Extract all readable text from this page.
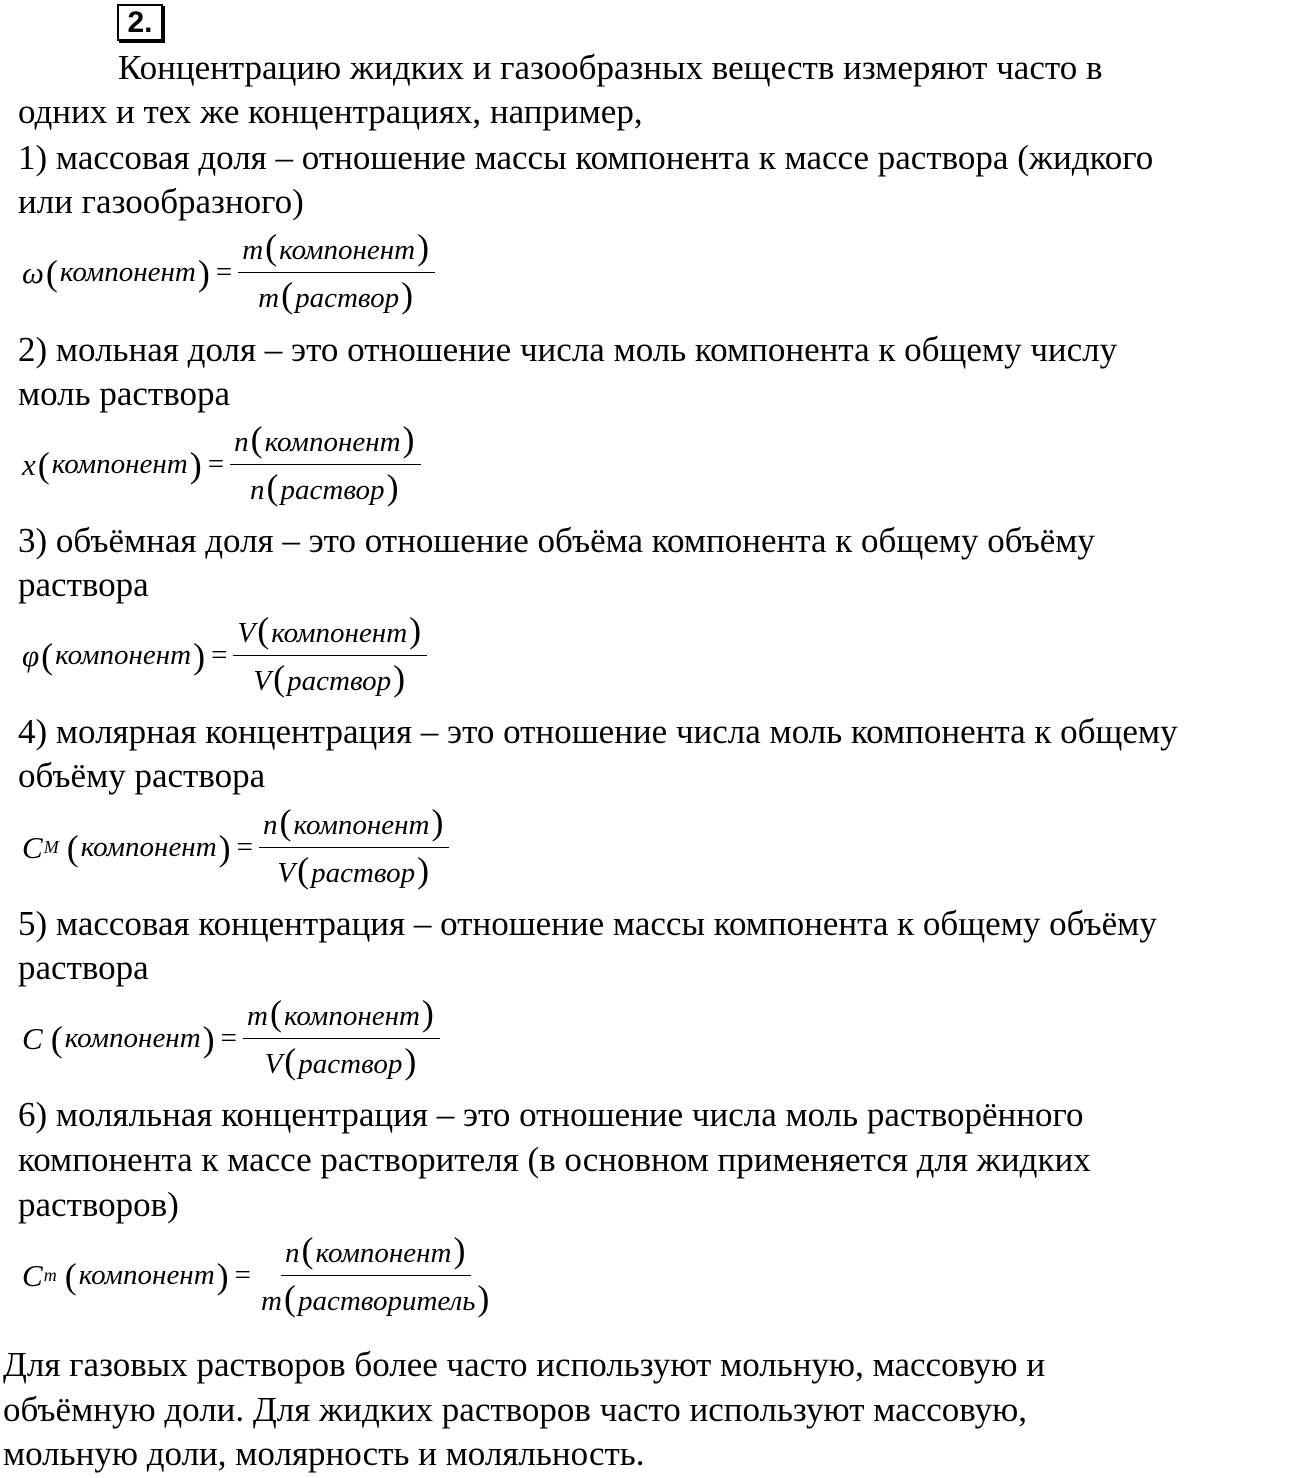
2.
Концентрацию жидких и газообразных веществ измеряют часто в
одних и тех же концентрациях, например,
1) массовая доля – отношение массы компонента к массе раствора (жидкого
или газообразного)
ω ( компонент ) = $\frac{\text{m(компонент)}}{\text{m(раствор)}}$
2) мольная доля – это отношение числа моль компонента к общему числу
моль раствора
x ( компонент ) = $\frac{\text{n(компонент)}}{\text{n(раствор)}}$
3) объёмная доля – это отношение объёма компонента к общему объёму
раствора
φ ( компонент ) = $\frac{\text{V(компонент)}}{\text{V(раствор)}}$
4) молярная концентрация – это отношение числа моль компонента к общему
объёму раствора
C М ( компонент ) = $\frac{\text{n(компонент)}}{\text{V(раствор)}}$
5) массовая концентрация – отношение массы компонента к общему объёму
раствора
C ( компонент ) = $\frac{\text{m(компонент)}}{\text{V(раствор)}}$
6) моляльная концентрация – это отношение числа моль растворённого
компонента к массе растворителя (в основном применяется для жидких
растворов)
C m ( компонент ) = $\frac{\text{n(компонент)}}{\text{m(растворитель)}}$
Для газовых растворов более часто используют мольную, массовую и
объёмную доли. Для жидких растворов часто используют массовую,
мольную доли, молярность и моляльность.
